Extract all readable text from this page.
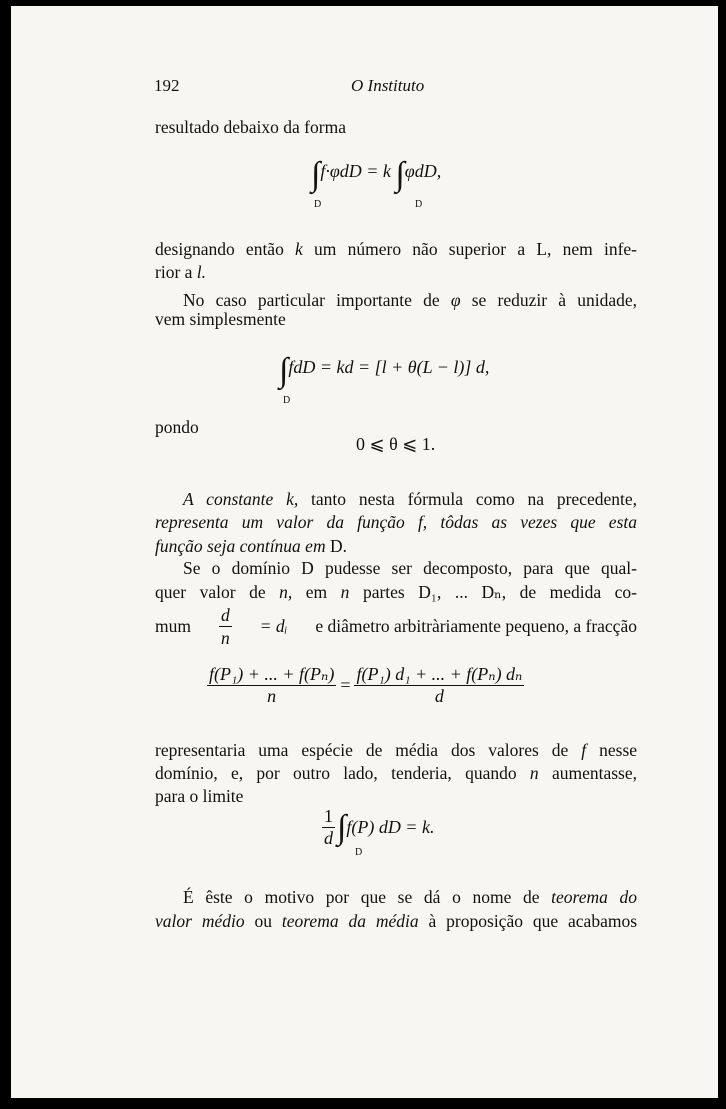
192	O Instituto
resultado debaixo da forma
∫f·φdD = k ∫φdD,
D	D
designando então k um número não superior a L, nem infe-
rior a l.
No caso particular importante de φ se reduzir à unidade,
vem simplesmente
∫fdD = kd = [l + θ(L − l)] d,
D
pondo
0 ⩽ θ ⩽ 1.
A constante k, tanto nesta fórmula como na precedente,
representa um valor da função f, tôdas as vezes que esta
função seja contínua em D.
Se o domínio D pudesse ser decomposto, para que qual-
quer valor de n, em n partes D₁, ... Dₙ, de medida co-
mum $\frac{d}{n}$ = dᵢ e diâmetro arbitràriamente pequeno, a fracção
$\frac{\text{f(P₁) + ... + f(Pₙ)}}{n} = \frac{\text{f(P₁) d₁ + ... + f(Pₙ) dₙ}}{d}$
representaria uma espécie de média dos valores de f nesse
domínio, e, por outro lado, tenderia, quando n aumentasse,
para o limite
$\frac{1}{d}$ ∫ f(P) dD = k.
D
É êste o motivo por que se dá o nome de teorema do
valor médio ou teorema da média à proposição que acabamos
